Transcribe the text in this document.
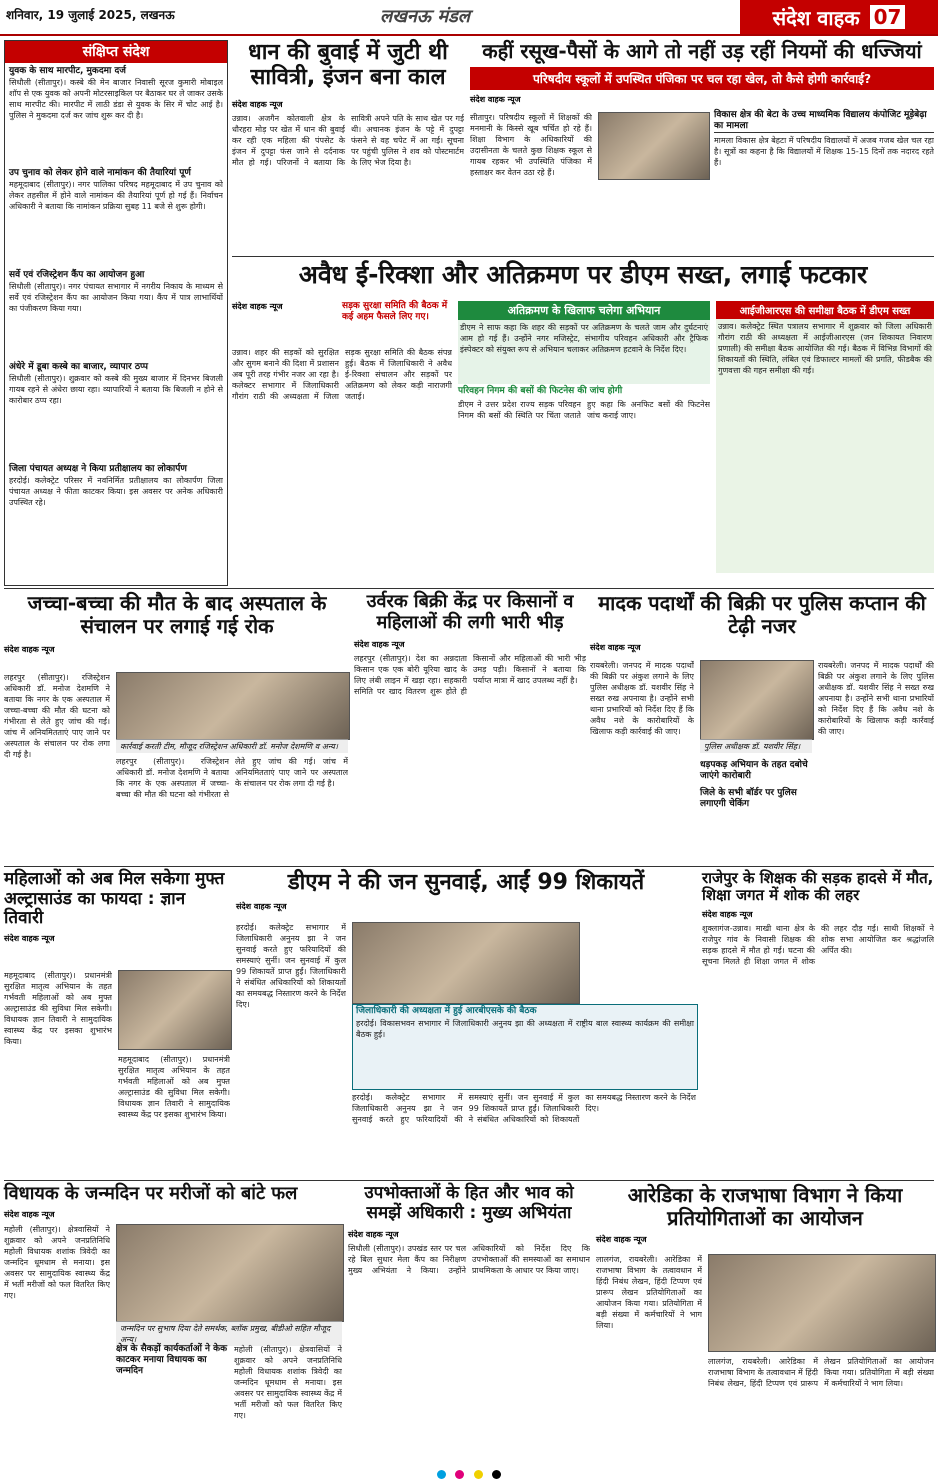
शनिवार, 19 जुलाई 2025, लखनऊ	लखनऊ मंडल	संदेश वाहक 07
संक्षिप्त संदेश
युवक के साथ मारपीट, मुकदमा दर्ज
सिधौली (सीतापुर)। कस्बे की मेन बाजार निवासी सूरज कुमारी मोबाइल शॉप से एक युवक को अपनी मोटरसाइकिल पर बैठाकर घर ले जाकर उसके साथ मारपीट की। मारपीट में लाठी डंडा से युवक के सिर में चोट आई है। पुलिस ने मुकदमा दर्ज कर जांच शुरू कर दी है।
उप चुनाव को लेकर होने वाले नामांकन की तैयारियां पूर्ण
महमूदाबाद (सीतापुर)। नगर पालिका परिषद महमूदाबाद में उप चुनाव को लेकर तहसील में होने वाले नामांकन की तैयारियां पूर्ण हो गई हैं। निर्वाचन अधिकारी ने बताया कि नामांकन प्रक्रिया सुबह 11 बजे से शुरू होगी।
सर्वे एवं रजिस्ट्रेशन कैंप का आयोजन हुआ
सिधौली (सीतापुर)। नगर पंचायत सभागार में नगरीय निकाय के माध्यम से सर्वे एवं रजिस्ट्रेशन कैंप का आयोजन किया गया। कैंप में पात्र लाभार्थियों का पंजीकरण किया गया।
अंधेरे में डूबा कस्बे का बाजार, व्यापार ठप्प
सिधौली (सीतापुर)। शुक्रवार को कस्बे की मुख्य बाजार में दिनभर बिजली गायब रहने से अंधेरा छाया रहा। व्यापारियों ने बताया कि बिजली न होने से कारोबार ठप्प रहा।
जिला पंचायत अध्यक्ष ने किया प्रतीक्षालय का लोकार्पण
हरदोई। कलेक्ट्रेट परिसर में नवनिर्मित प्रतीक्षालय का लोकार्पण जिला पंचायत अध्यक्ष ने फीता काटकर किया। इस अवसर पर अनेक अधिकारी उपस्थित रहे।
धान की बुवाई में जुटी थी सावित्री, इंजन बना काल
संदेश वाहक न्यूज
उन्नाव। अजगैन कोतवाली क्षेत्र के धौरहरा मोड़ पर खेत में धान की बुवाई कर रही एक महिला की पंपसेट के इंजन में दुपट्टा फंस जाने से दर्दनाक मौत हो गई। परिजनों ने बताया कि सावित्री अपने पति के साथ खेत पर गई थी। अचानक इंजन के पट्टे में दुपट्टा फंसने से वह चपेट में आ गई। सूचना पर पहुंची पुलिस ने शव को पोस्टमार्टम के लिए भेज दिया है।
कहीं रसूख-पैसों के आगे तो नहीं उड़ रहीं नियमों की धज्जियां
परिषदीय स्कूलों में उपस्थित पंजिका पर चल रहा खेल, तो कैसे होगी कार्रवाई?
संदेश वाहक न्यूज
सीतापुर। परिषदीय स्कूलों में शिक्षकों की मनमानी के किस्से खूब चर्चित हो रहे हैं। शिक्षा विभाग के अधिकारियों की उदासीनता के चलते कुछ शिक्षक स्कूल से गायब रहकर भी उपस्थिति पंजिका में हस्ताक्षर कर वेतन उठा रहे हैं।
विकास क्षेत्र की बेटा के उच्च माध्यमिक विद्यालय कंपोजिट मूड़ेबेढ़ा का मामला
मामला विकास क्षेत्र बेहटा में परिषदीय विद्यालयों में अजब गजब खेल चल रहा है। सूत्रों का कहना है कि विद्यालयों में शिक्षक 15-15 दिनों तक नदारद रहते हैं।
अवैध ई-रिक्शा और अतिक्रमण पर डीएम सख्त, लगाई फटकार
संदेश वाहक न्यूज	सड़क सुरक्षा समिति की बैठक में कई अहम फैसले लिए गए।
उन्नाव। शहर की सड़कों को सुरक्षित और सुगम बनाने की दिशा में प्रशासन अब पूरी तरह गंभीर नजर आ रहा है। कलेक्टर सभागार में जिलाधिकारी गौरांग राठी की अध्यक्षता में जिला सड़क सुरक्षा समिति की बैठक संपन्न हुई। बैठक में जिलाधिकारी ने अवैध ई-रिक्शा संचालन और सड़कों पर अतिक्रमण को लेकर कड़ी नाराजगी जताई।
अतिक्रमण के खिलाफ चलेगा अभियान
डीएम ने साफ कहा कि शहर की सड़कों पर अतिक्रमण के चलते जाम और दुर्घटनाएं आम हो गई हैं। उन्होंने नगर मजिस्ट्रेट, संभागीय परिवहन अधिकारी और ट्रैफिक इंस्पेक्टर को संयुक्त रूप से अभियान चलाकर अतिक्रमण हटवाने के निर्देश दिए।
परिवहन निगम की बसों की फिटनेस की जांच होगी
डीएम ने उत्तर प्रदेश राज्य सड़क परिवहन निगम की बसों की स्थिति पर चिंता जताते हुए कहा कि अनफिट बसों की फिटनेस जांच कराई जाए।
आईजीआरएस की समीक्षा बैठक में डीएम सख्त
उन्नाव। कलेक्ट्रेट स्थित पत्रालय सभागार में शुक्रवार को जिला अधिकारी गौरांग राठी की अध्यक्षता में आईजीआरएस (जन शिकायत निवारण प्रणाली) की समीक्षा बैठक आयोजित की गई। बैठक में विभिन्न विभागों की शिकायतों की स्थिति, लंबित एवं डिफाल्टर मामलों की प्रगति, फीडबैक की गुणवत्ता की गहन समीक्षा की गई।
जच्चा-बच्चा की मौत के बाद अस्पताल के संचालन पर लगाई गई रोक
संदेश वाहक न्यूज
कार्रवाई करती टीम, मौजूद रजिस्ट्रेशन अधिकारी डॉ. मनोज देशमणि व अन्य।
लहरपुर (सीतापुर)। रजिस्ट्रेशन अधिकारी डॉ. मनोज देशमणि ने बताया कि नगर के एक अस्पताल में जच्चा-बच्चा की मौत की घटना को गंभीरता से लेते हुए जांच की गई। जांच में अनियमितताएं पाए जाने पर अस्पताल के संचालन पर रोक लगा दी गई है।
लहरपुर (सीतापुर)। रजिस्ट्रेशन अधिकारी डॉ. मनोज देशमणि ने बताया कि नगर के एक अस्पताल में जच्चा-बच्चा की मौत की घटना को गंभीरता से लेते हुए जांच की गई। जांच में अनियमितताएं पाए जाने पर अस्पताल के संचालन पर रोक लगा दी गई है।
उर्वरक बिक्री केंद्र पर किसानों व महिलाओं की लगी भारी भीड़
संदेश वाहक न्यूज
लहरपुर (सीतापुर)। देश का अन्नदाता किसान एक एक बोरी यूरिया खाद के लिए लंबी लाइन में खड़ा रहा। सहकारी समिति पर खाद वितरण शुरू होते ही किसानों और महिलाओं की भारी भीड़ उमड़ पड़ी। किसानों ने बताया कि पर्याप्त मात्रा में खाद उपलब्ध नहीं है।
मादक पदार्थों की बिक्री पर पुलिस कप्तान की टेढ़ी नजर
संदेश वाहक न्यूज
पुलिस अधीक्षक डॉ. यशवीर सिंह।
धड़पकड़ अभियान के तहत दबोचे जाएंगे कारोबारी
जिले के सभी बॉर्डर पर पुलिस लगाएगी चेकिंग
रायबरेली। जनपद में मादक पदार्थों की बिक्री पर अंकुश लगाने के लिए पुलिस अधीक्षक डॉ. यशवीर सिंह ने सख्त रुख अपनाया है। उन्होंने सभी थाना प्रभारियों को निर्देश दिए हैं कि अवैध नशे के कारोबारियों के खिलाफ कड़ी कार्रवाई की जाए।
रायबरेली। जनपद में मादक पदार्थों की बिक्री पर अंकुश लगाने के लिए पुलिस अधीक्षक डॉ. यशवीर सिंह ने सख्त रुख अपनाया है। उन्होंने सभी थाना प्रभारियों को निर्देश दिए हैं कि अवैध नशे के कारोबारियों के खिलाफ कड़ी कार्रवाई की जाए।
महिलाओं को अब मिल सकेगा मुफ्त अल्ट्रासाउंड का फायदा : ज्ञान तिवारी
संदेश वाहक न्यूज
महमूदाबाद (सीतापुर)। प्रधानमंत्री सुरक्षित मातृत्व अभियान के तहत गर्भवती महिलाओं को अब मुफ्त अल्ट्रासाउंड की सुविधा मिल सकेगी। विधायक ज्ञान तिवारी ने सामुदायिक स्वास्थ्य केंद्र पर इसका शुभारंभ किया।
महमूदाबाद (सीतापुर)। प्रधानमंत्री सुरक्षित मातृत्व अभियान के तहत गर्भवती महिलाओं को अब मुफ्त अल्ट्रासाउंड की सुविधा मिल सकेगी। विधायक ज्ञान तिवारी ने सामुदायिक स्वास्थ्य केंद्र पर इसका शुभारंभ किया।
डीएम ने की जन सुनवाई, आईं 99 शिकायतें
संदेश वाहक न्यूज
जिलाधिकारी की अध्यक्षता में हुई आरबीएसके की बैठक
हरदोई। विकासभवन सभागार में जिलाधिकारी अनुनय झा की अध्यक्षता में राष्ट्रीय बाल स्वास्थ्य कार्यक्रम की समीक्षा बैठक हुई।
हरदोई। कलेक्ट्रेट सभागार में जिलाधिकारी अनुनय झा ने जन सुनवाई करते हुए फरियादियों की समस्याएं सुनीं। जन सुनवाई में कुल 99 शिकायतें प्राप्त हुईं। जिलाधिकारी ने संबंधित अधिकारियों को शिकायतों का समयबद्ध निस्तारण करने के निर्देश दिए।
हरदोई। कलेक्ट्रेट सभागार में जिलाधिकारी अनुनय झा ने जन सुनवाई करते हुए फरियादियों की समस्याएं सुनीं। जन सुनवाई में कुल 99 शिकायतें प्राप्त हुईं। जिलाधिकारी ने संबंधित अधिकारियों को शिकायतों का समयबद्ध निस्तारण करने के निर्देश दिए।
राजेपुर के शिक्षक की सड़क हादसे में मौत, शिक्षा जगत में शोक की लहर
संदेश वाहक न्यूज
शुक्लागंज-उन्नाव। माखी थाना क्षेत्र के राजेपुर गांव के निवासी शिक्षक की सड़क हादसे में मौत हो गई। घटना की सूचना मिलते ही शिक्षा जगत में शोक की लहर दौड़ गई। साथी शिक्षकों ने शोक सभा आयोजित कर श्रद्धांजलि अर्पित की।
विधायक के जन्मदिन पर मरीजों को बांटे फल
संदेश वाहक न्यूज
जन्मदिन पर सुभाष दिया देते समर्थक, ब्लॉक प्रमुख, बीडीओ सहित मौजूद अन्य।
क्षेत्र के सैकड़ों कार्यकर्ताओं ने केक काटकर मनाया विधायक का जन्मदिन
महोली (सीतापुर)। क्षेत्रवासियों ने शुक्रवार को अपने जनप्रतिनिधि महोली विधायक शशांक त्रिवेदी का जन्मदिन धूमधाम से मनाया। इस अवसर पर सामुदायिक स्वास्थ्य केंद्र में भर्ती मरीजों को फल वितरित किए गए।
महोली (सीतापुर)। क्षेत्रवासियों ने शुक्रवार को अपने जनप्रतिनिधि महोली विधायक शशांक त्रिवेदी का जन्मदिन धूमधाम से मनाया। इस अवसर पर सामुदायिक स्वास्थ्य केंद्र में भर्ती मरीजों को फल वितरित किए गए।
उपभोक्ताओं के हित और भाव को समझें अधिकारी : मुख्य अभियंता
संदेश वाहक न्यूज
सिधौली (सीतापुर)। उपखंड स्तर पर चल रहे बिल सुधार मेला कैंप का निरीक्षण मुख्य अभियंता ने किया। उन्होंने अधिकारियों को निर्देश दिए कि उपभोक्ताओं की समस्याओं का समाधान प्राथमिकता के आधार पर किया जाए।
आरेडिका के राजभाषा विभाग ने किया प्रतियोगिताओं का आयोजन
संदेश वाहक न्यूज
लालगंज, रायबरेली। आरेडिका में राजभाषा विभाग के तत्वावधान में हिंदी निबंध लेखन, हिंदी टिप्पण एवं प्रारूप लेखन प्रतियोगिताओं का आयोजन किया गया। प्रतियोगिता में बड़ी संख्या में कर्मचारियों ने भाग लिया।
लालगंज, रायबरेली। आरेडिका में राजभाषा विभाग के तत्वावधान में हिंदी निबंध लेखन, हिंदी टिप्पण एवं प्रारूप लेखन प्रतियोगिताओं का आयोजन किया गया। प्रतियोगिता में बड़ी संख्या में कर्मचारियों ने भाग लिया।
